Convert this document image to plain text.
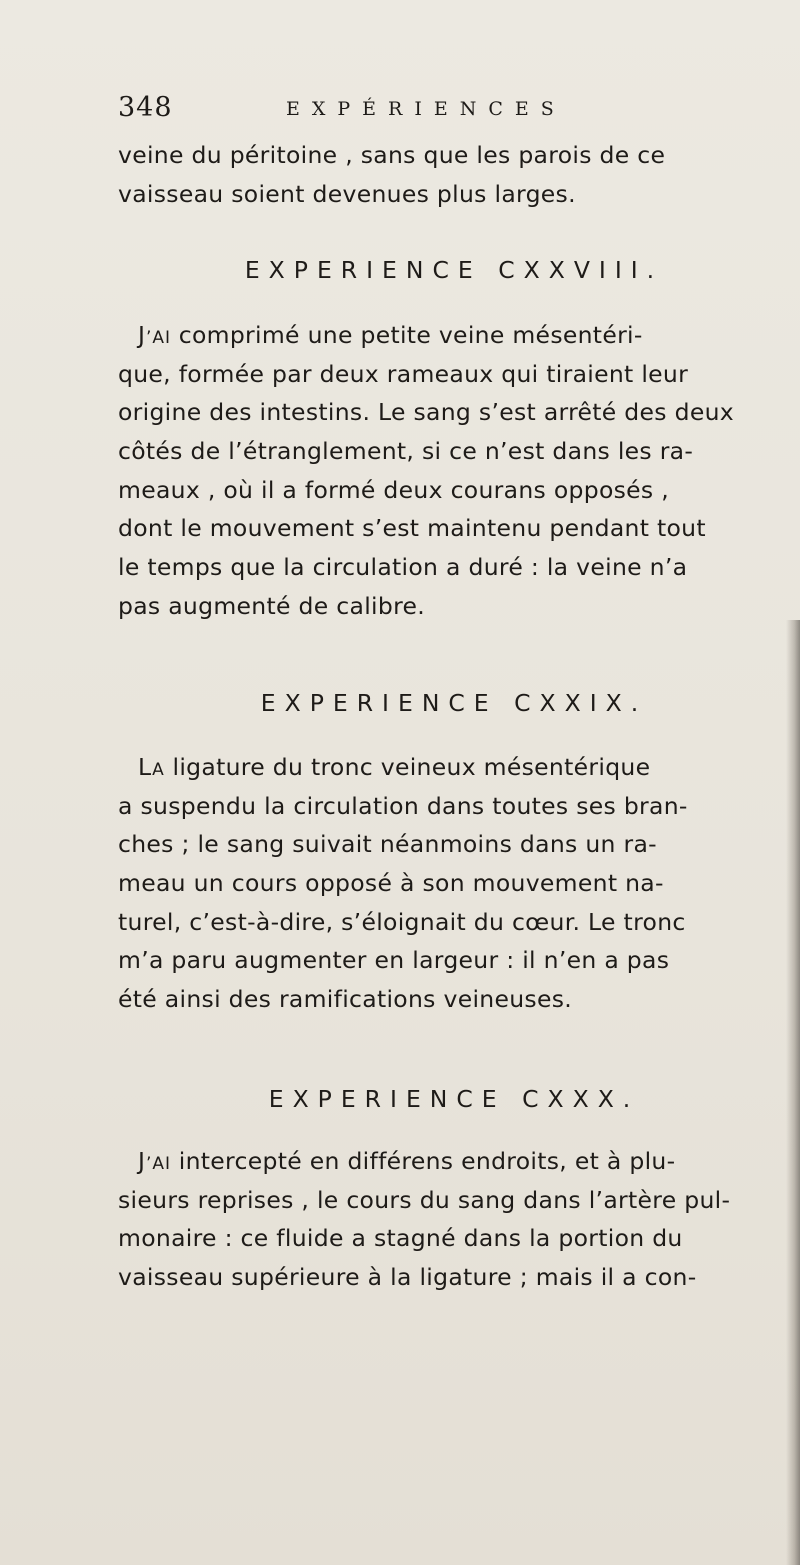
348	EXPÉRIENCES
veine du péritoine , sans que les parois de ce
vaisseau soient devenues plus larges.
EXPERIENCE CXXVIII.
J’AI comprimé une petite veine mésentéri-
que, formée par deux rameaux qui tiraient leur
origine des intestins. Le sang s’est arrêté des deux
côtés de l’étranglement, si ce n’est dans les ra-
meaux , où il a formé deux courans opposés ,
dont le mouvement s’est maintenu pendant tout
le temps que la circulation a duré : la veine n’a
pas augmenté de calibre.
EXPERIENCE CXXIX.
LA ligature du tronc veineux mésentérique
a suspendu la circulation dans toutes ses bran-
ches ; le sang suivait néanmoins dans un ra-
meau un cours opposé à son mouvement na-
turel, c’est-à-dire, s’éloignait du cœur. Le tronc
m’a paru augmenter en largeur : il n’en a pas
été ainsi des ramifications veineuses.
EXPERIENCE CXXX.
J’AI intercepté en différens endroits, et à plu-
sieurs reprises , le cours du sang dans l’artère pul-
monaire : ce fluide a stagné dans la portion du
vaisseau supérieure à la ligature ; mais il a con-
